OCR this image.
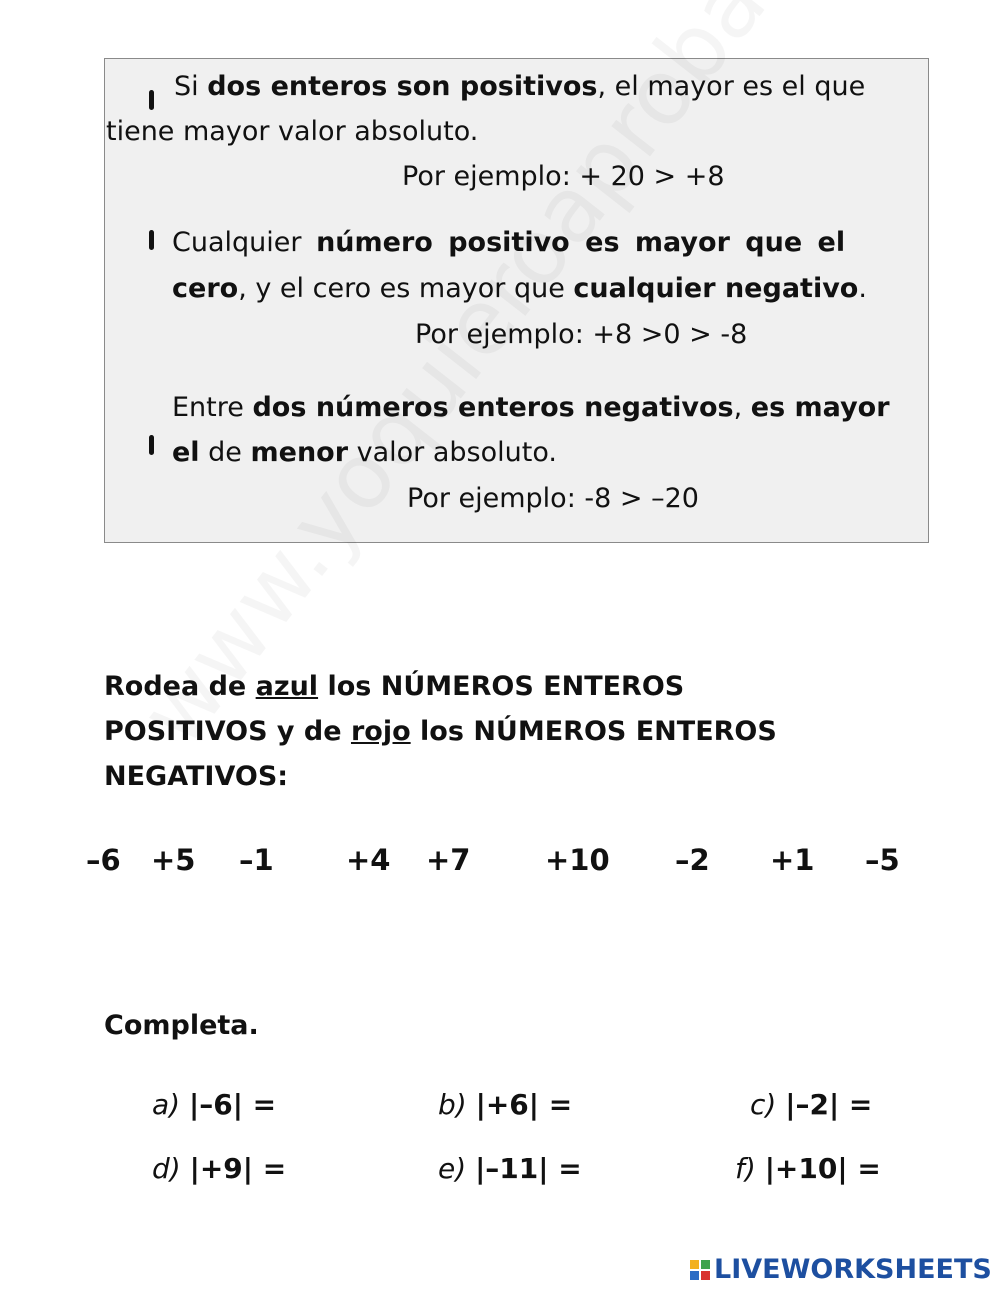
Si dos enteros son positivos, el mayor es el que
tiene mayor valor absoluto.
Por ejemplo: + 20 > +8
Cualquier número positivo es mayor que el
cero, y el cero es mayor que cualquier negativo.
Por ejemplo: +8 >0 > -8
Entre dos números enteros negativos, es mayor
el de menor valor absoluto.
Por ejemplo: -8 > –20
Rodea de azul los NÚMEROS ENTEROS
POSITIVOS y de rojo los NÚMEROS ENTEROS
NEGATIVOS:
–6 +5 –1 +4 +7	+10 –2 +1 –5
Completa.
a) |–6| =	b) |+6| =	c) |–2| =
d) |+9| =	e) |–11| =	f) |+10| =
LIVEWORKSHEETS
